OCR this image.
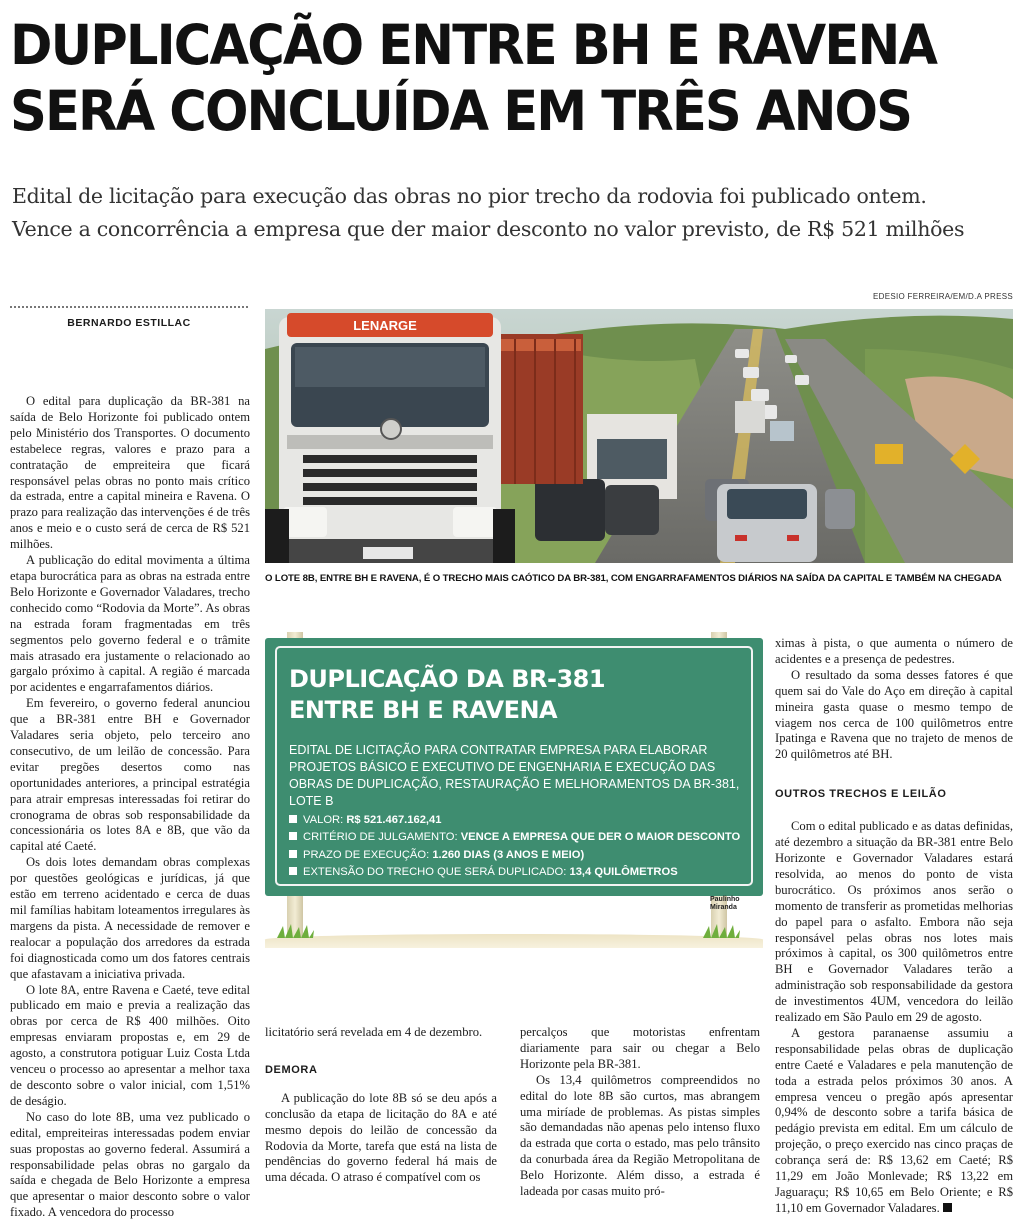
DUPLICAÇÃO ENTRE BH E RAVENA
SERÁ CONCLUÍDA EM TRÊS ANOS
Edital de licitação para execução das obras no pior trecho da rodovia foi publicado ontem.
Vence a concorrência a empresa que der maior desconto no valor previsto, de R$ 521 milhões
BERNARDO ESTILLAC
EDESIO FERREIRA/EM/D.A PRESS
LENARGE
O LOTE 8B, ENTRE BH E RAVENA, É O TRECHO MAIS CAÓTICO DA BR-381, COM ENGARRAFAMENTOS DIÁRIOS NA SAÍDA DA CAPITAL E TAMBÉM NA CHEGADA

O edital para duplicação da BR-381 na saída de Belo Horizonte foi publicado ontem pelo Ministério dos Transportes. O documento estabelece regras, valores e prazo para a contratação de empreiteira que ficará responsável pelas obras no ponto mais crítico da estrada, entre a capital mineira e Ravena. O prazo para realização das intervenções é de três anos e meio e o custo será de cerca de R$ 521 milhões.

A publicação do edital movimenta a última etapa burocrática para as obras na estrada entre Belo Horizonte e Governador Valadares, trecho conhecido como “Rodovia da Morte”. As obras na estrada foram fragmentadas em três segmentos pelo governo federal e o trâmite mais atrasado era justamente o relacionado ao gargalo próximo à capital. A região é marcada por acidentes e engarrafamentos diários.

Em fevereiro, o governo federal anunciou que a BR-381 entre BH e Governador Valadares seria objeto, pelo terceiro ano consecutivo, de um leilão de concessão. Para evitar pregões desertos como nas oportunidades anteriores, a principal estratégia para atrair empresas interessadas foi retirar do cronograma de obras sob responsabilidade da concessionária os lotes 8A e 8B, que vão da capital até Caeté.

Os dois lotes demandam obras complexas por questões geológicas e jurídicas, já que estão em terreno acidentado e cerca de duas mil famílias habitam loteamentos irregulares às margens da pista. A necessidade de remover e realocar a população dos arredores da estrada foi diagnosticada como um dos fatores centrais que afastavam a iniciativa privada.

O lote 8A, entre Ravena e Caeté, teve edital publicado em maio e previa a realização das obras por cerca de R$ 400 milhões. Oito empresas enviaram propostas e, em 29 de agosto, a construtora potiguar Luiz Costa Ltda venceu o processo ao apresentar a melhor taxa de desconto sobre o valor inicial, com 1,51% de deságio.

No caso do lote 8B, uma vez publicado o edital, empreiteiras interessadas podem enviar suas propostas ao governo federal. Assumirá a responsabilidade pelas obras no gargalo da saída e chegada de Belo Horizonte a empresa que apresentar o maior desconto sobre o valor fixado. A vencedora do processo

DUPLICAÇÃO DA BR-381
ENTRE BH E RAVENA
EDITAL DE LICITAÇÃO PARA CONTRATAR EMPRESA PARA ELABORAR PROJETOS BÁSICO E EXECUTIVO DE ENGENHARIA E EXECUÇÃO DAS OBRAS DE DUPLICAÇÃO, RESTAURAÇÃO E MELHORAMENTOS DA BR-381, LOTE B
VALOR: R$ 521.467.162,41
CRITÉRIO DE JULGAMENTO: VENCE A EMPRESA QUE DER O MAIOR DESCONTO
PRAZO DE EXECUÇÃO: 1.260 DIAS (3 ANOS E MEIO)
EXTENSÃO DO TRECHO QUE SERÁ DUPLICADO: 13,4 QUILÔMETROS
Paulinho
Miranda

licitatório será revelada em 4 de dezembro.

DEMORA

A publicação do lote 8B só se deu após a conclusão da etapa de licitação do 8A e até mesmo depois do leilão de concessão da Rodovia da Morte, tarefa que está na lista de pendências do governo federal há mais de uma década. O atraso é compatível com os

percalços que motoristas enfrentam diariamente para sair ou chegar a Belo Horizonte pela BR-381.

Os 13,4 quilômetros compreendidos no edital do lote 8B são curtos, mas abrangem uma miríade de problemas. As pistas simples são demandadas não apenas pelo intenso fluxo da estrada que corta o estado, mas pelo trânsito da conurbada área da Região Metropolitana de Belo Horizonte. Além disso, a estrada é ladeada por casas muito pró-

ximas à pista, o que aumenta o número de acidentes e a presença de pedestres.

O resultado da soma desses fatores é que quem sai do Vale do Aço em direção à capital mineira gasta quase o mesmo tempo de viagem nos cerca de 100 quilômetros entre Ipatinga e Ravena que no trajeto de menos de 20 quilômetros até BH.

OUTROS TRECHOS E LEILÃO

Com o edital publicado e as datas definidas, até dezembro a situação da BR-381 entre Belo Horizonte e Governador Valadares estará resolvida, ao menos do ponto de vista burocrático. Os próximos anos serão o momento de transferir as prometidas melhorias do papel para o asfalto. Embora não seja responsável pelas obras nos lotes mais próximos à capital, os 300 quilômetros entre BH e Governador Valadares terão a administração sob responsabilidade da gestora de investimentos 4UM, vencedora do leilão realizado em São Paulo em 29 de agosto.

A gestora paranaense assumiu a responsabilidade pelas obras de duplicação entre Caeté e Valadares e pela manutenção de toda a estrada pelos próximos 30 anos. A empresa venceu o pregão após apresentar 0,94% de desconto sobre a tarifa básica de pedágio prevista em edital. Em um cálculo de projeção, o preço exercido nas cinco praças de cobrança será de: R$ 13,62 em Caeté; R$ 11,29 em João Monlevade; R$ 13,22 em Jaguaraçu; R$ 10,65 em Belo Oriente; e R$ 11,10 em Governador Valadares.
